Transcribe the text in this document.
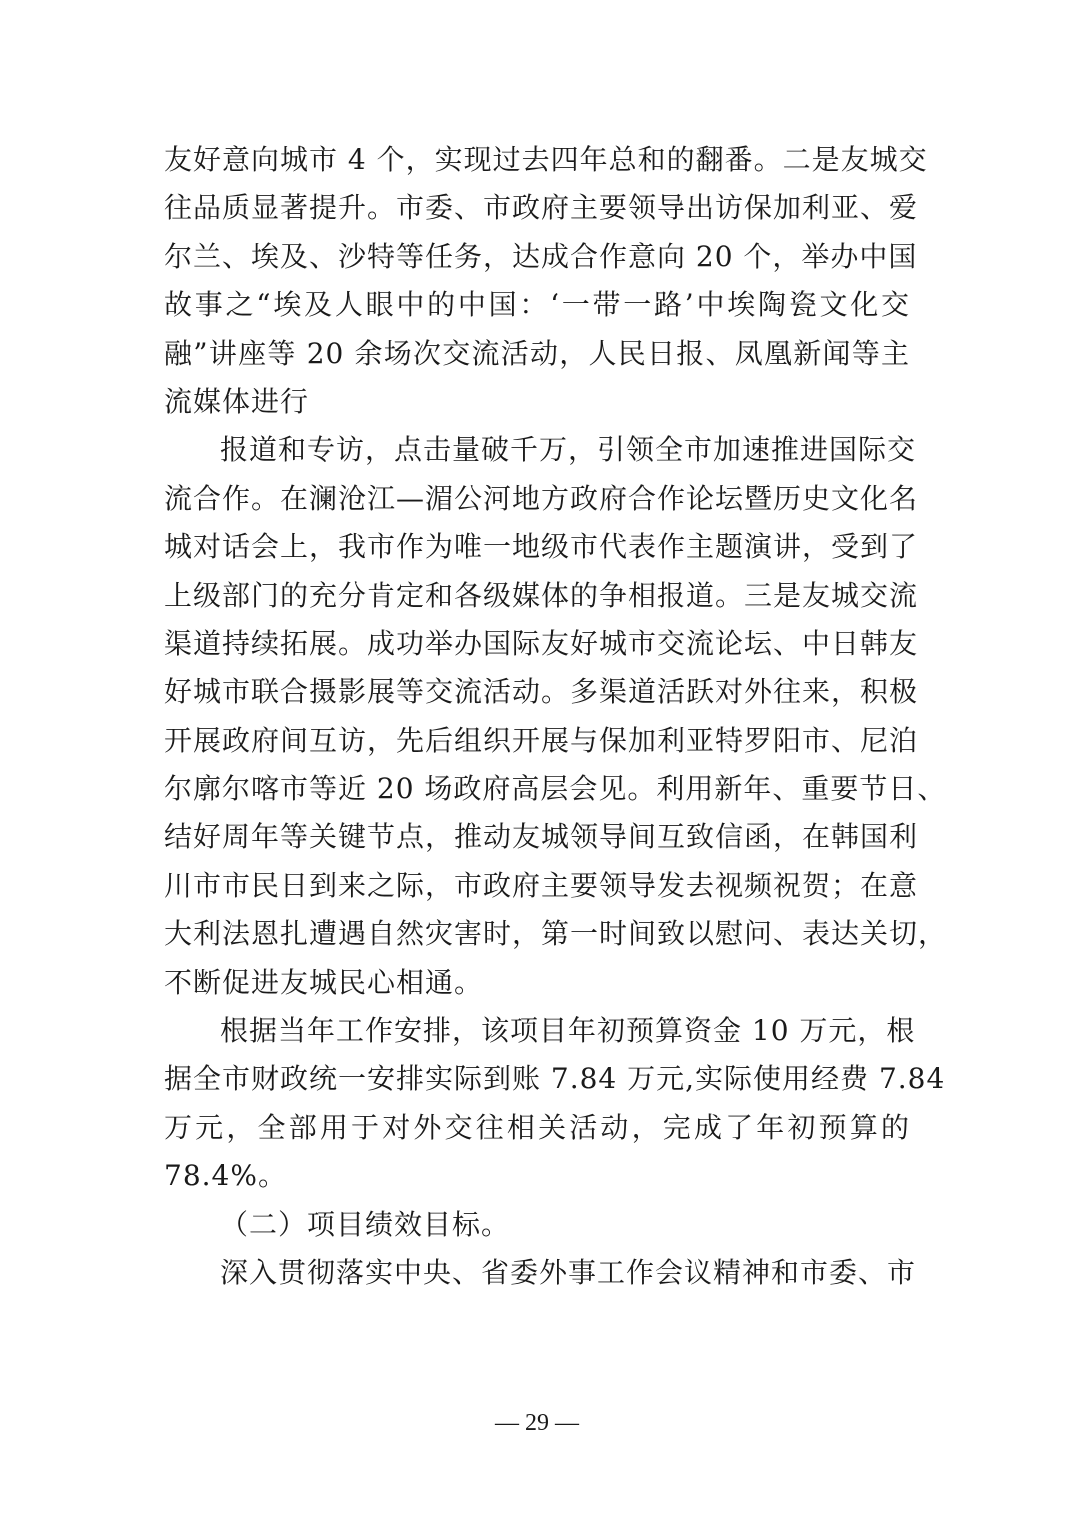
友好意向城市 4 个，实现过去四年总和的翻番。二是友城交
往品质显著提升。市委、市政府主要领导出访保加利亚、爱
尔兰、埃及、沙特等任务，达成合作意向 20 个，举办中国
故事之“埃及人眼中的中国：‘一带一路’中埃陶瓷文化交
融”讲座等 20 余场次交流活动，人民日报、凤凰新闻等主
流媒体进行
报道和专访，点击量破千万，引领全市加速推进国际交
流合作。在澜沧江—湄公河地方政府合作论坛暨历史文化名
城对话会上，我市作为唯一地级市代表作主题演讲，受到了
上级部门的充分肯定和各级媒体的争相报道。三是友城交流
渠道持续拓展。成功举办国际友好城市交流论坛、中日韩友
好城市联合摄影展等交流活动。多渠道活跃对外往来，积极
开展政府间互访，先后组织开展与保加利亚特罗阳市、尼泊
尔廓尔喀市等近 20 场政府高层会见。利用新年、重要节日、
结好周年等关键节点，推动友城领导间互致信函，在韩国利
川市市民日到来之际，市政府主要领导发去视频祝贺；在意
大利法恩扎遭遇自然灾害时，第一时间致以慰问、表达关切，
不断促进友城民心相通。
根据当年工作安排，该项目年初预算资金 10 万元，根
据全市财政统一安排实际到账 7.84 万元,实际使用经费 7.84
万元，全部用于对外交往相关活动，完成了年初预算的
78.4%。
（二）项目绩效目标。
深入贯彻落实中央、省委外事工作会议精神和市委、市
— 29 —
